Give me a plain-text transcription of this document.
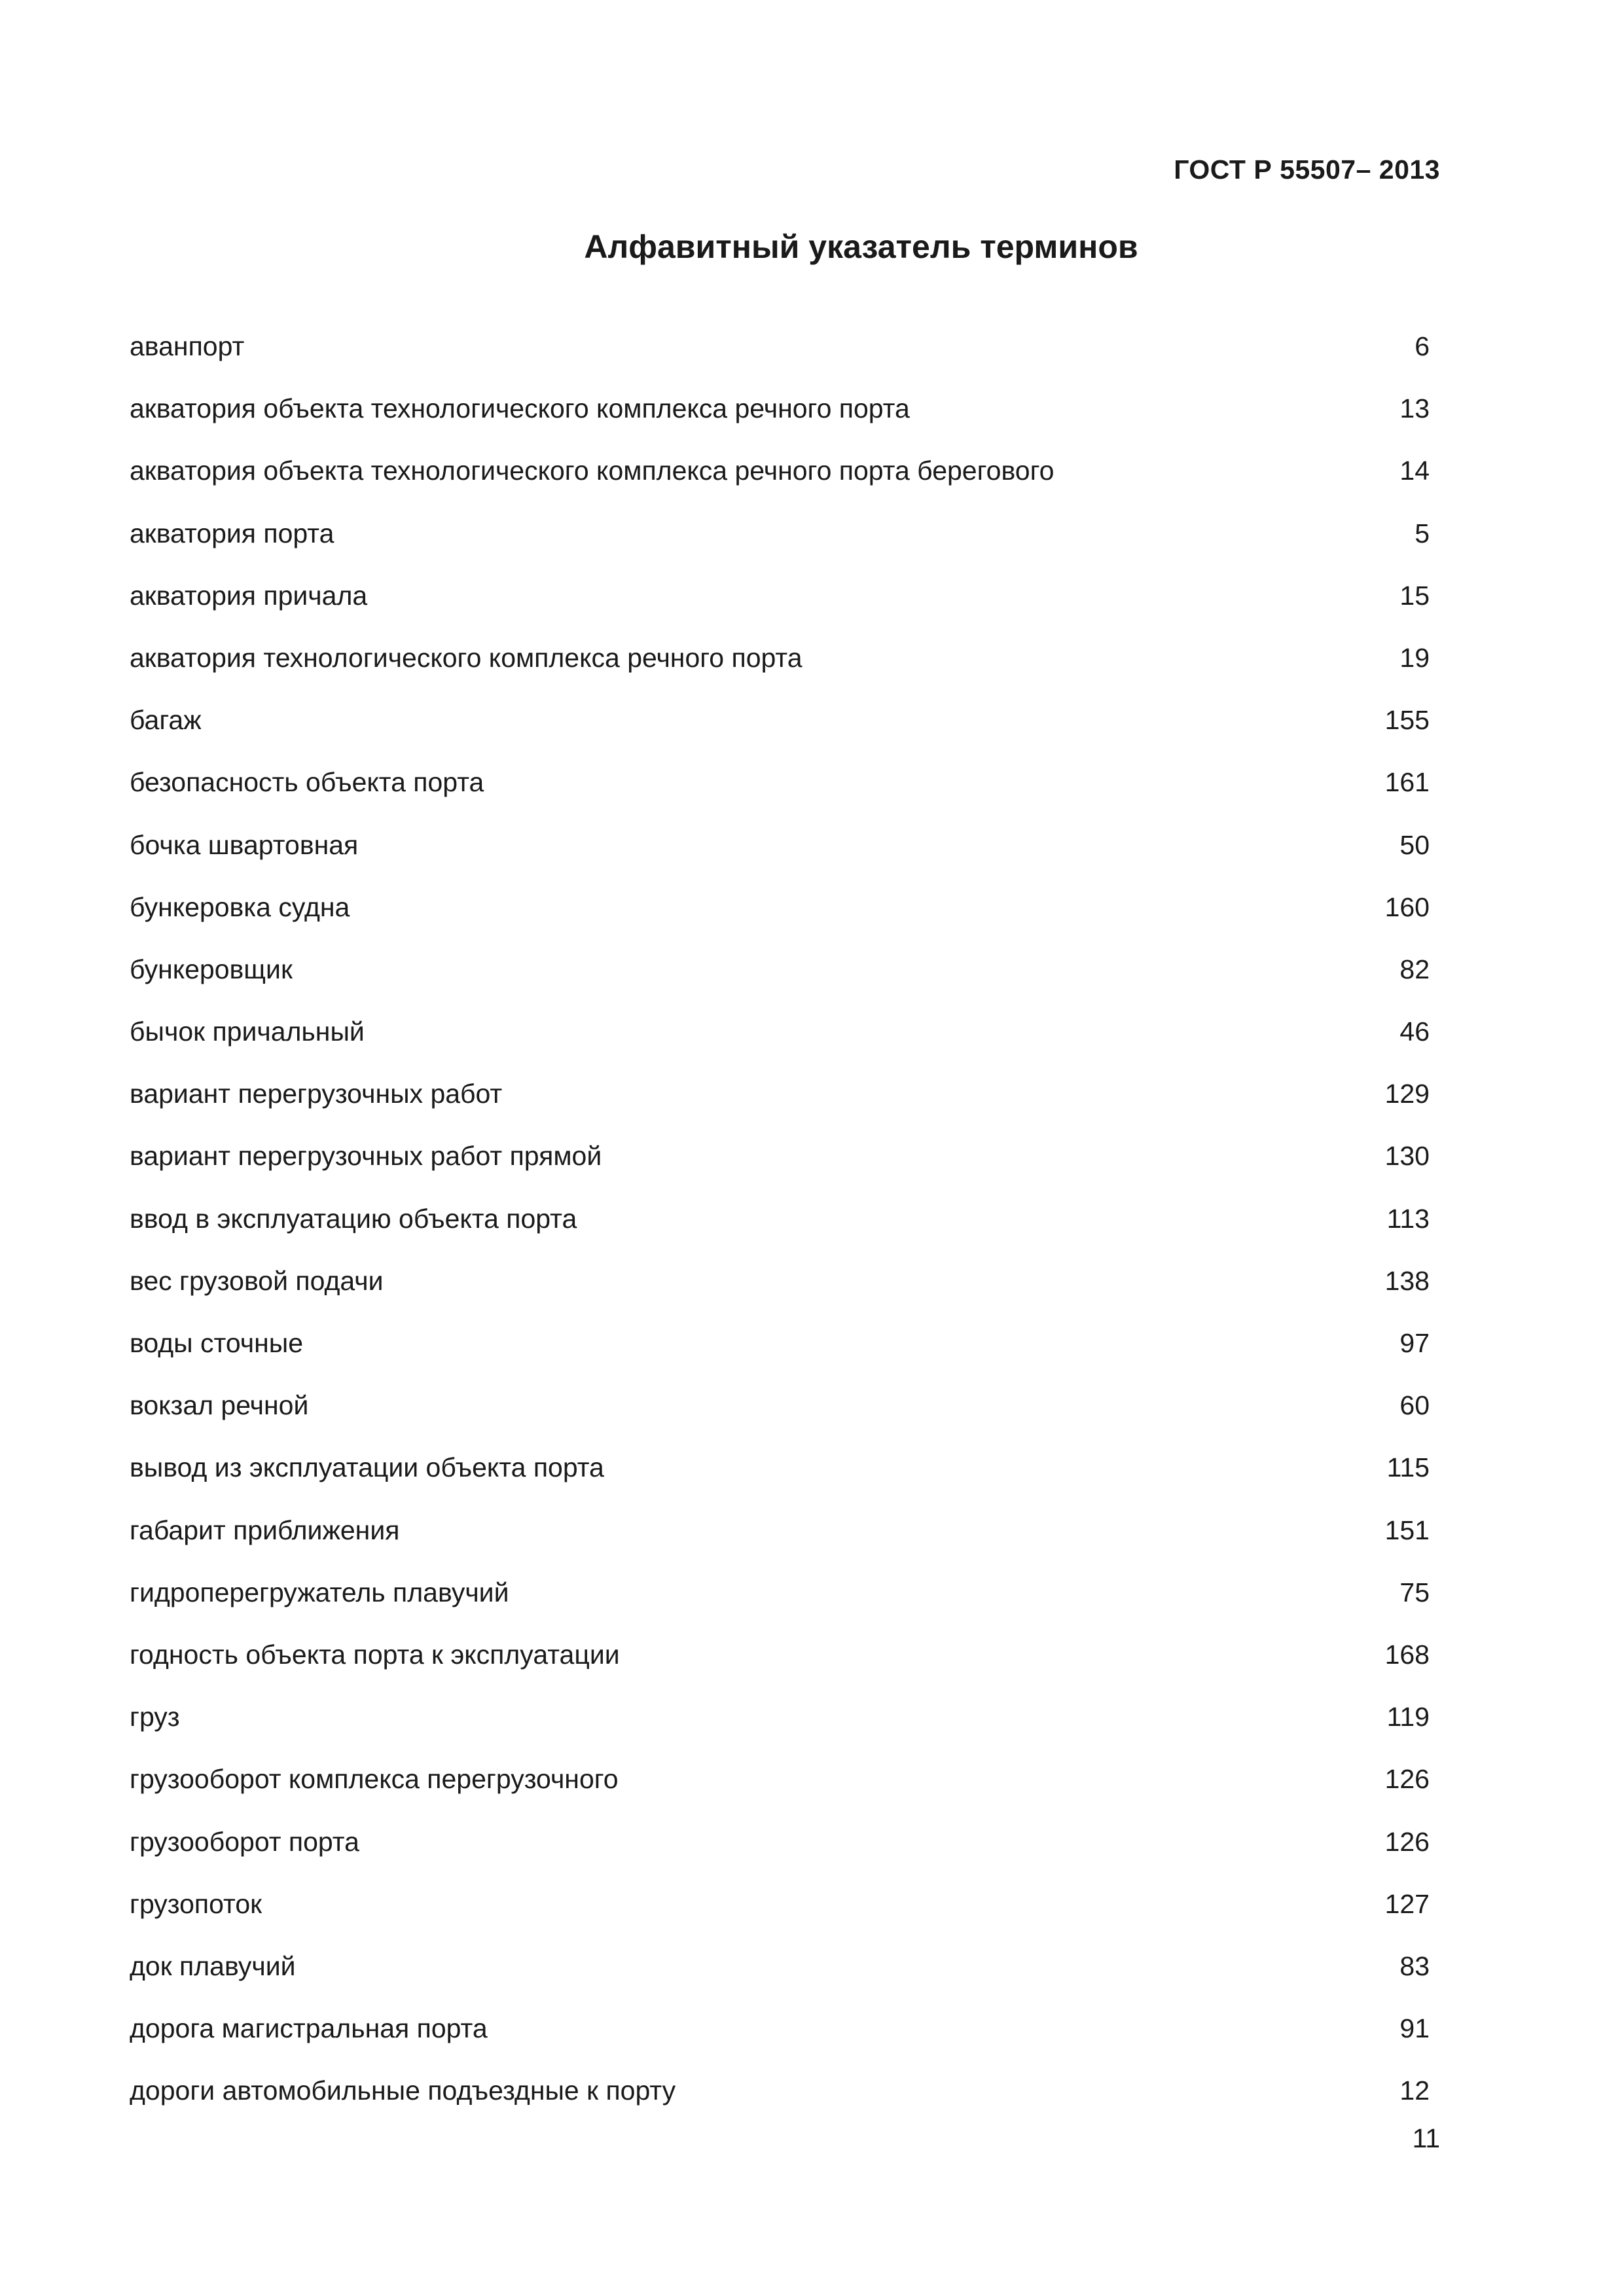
ГОСТ Р 55507– 2013
Алфавитный указатель терминов
аванпорт	6
акватория объекта технологического комплекса речного порта	13
акватория объекта технологического комплекса речного порта берегового	14
акватория порта	5
акватория причала	15
акватория технологического комплекса речного порта	19
багаж	155
безопасность объекта порта	161
бочка швартовная	50
бункеровка судна	160
бункеровщик	82
бычок причальный	46
вариант перегрузочных работ	129
вариант перегрузочных работ прямой	130
ввод в эксплуатацию объекта порта	113
вес грузовой подачи	138
воды сточные	97
вокзал речной	60
вывод из эксплуатации объекта порта	115
габарит приближения	151
гидроперегружатель плавучий	75
годность объекта порта к эксплуатации	168
груз	119
грузооборот комплекса перегрузочного	126
грузооборот порта	126
грузопоток	127
док плавучий	83
дорога магистральная порта	91
дороги автомобильные подъездные к порту	12
11
